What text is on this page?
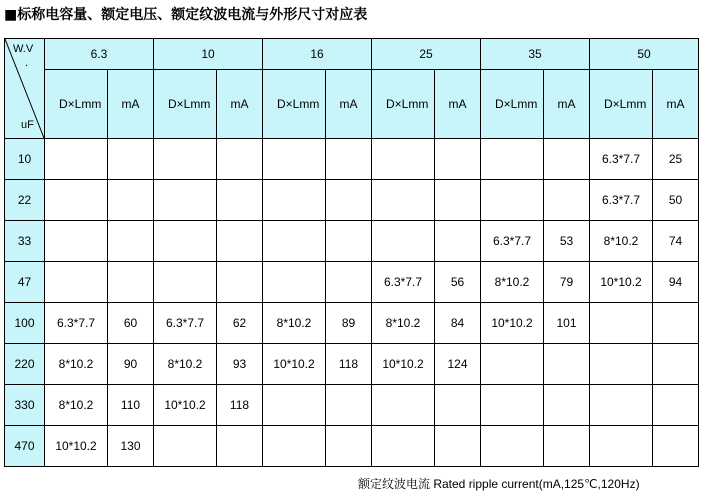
■标称电容量、额定电压、额定纹波电流与外形尺寸对应表
W.V
.
uF	6.3		10		16		25		35		50	
	D×Lmm	mA	D×Lmm	mA	D×Lmm	mA	D×Lmm	mA	D×Lmm	mA	D×Lmm	mA
10											6.3*7.7	25
22											6.3*7.7	50
33									6.3*7.7	53	8*10.2	74
47							6.3*7.7	56	8*10.2	79	10*10.2	94
100	6.3*7.7	60	6.3*7.7	62	8*10.2	89	8*10.2	84	10*10.2	101		
220	8*10.2	90	8*10.2	93	10*10.2	118	10*10.2	124				
330	8*10.2	110	10*10.2	118								
470	10*10.2	130										
额定纹波电流 Rated ripple current(mA,125℃,120Hz)
